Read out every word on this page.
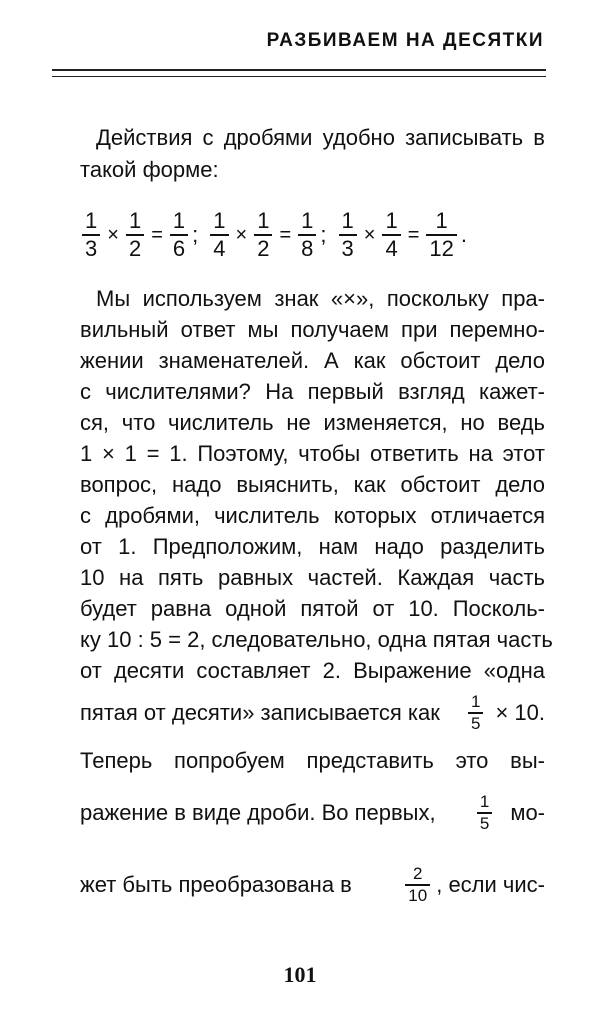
РАЗБИВАЕМ НА ДЕСЯТКИ
Действия с дробями удобно записывать в
такой форме:
$\frac{1}{3} \times \frac{1}{2} = \frac{1}{6}$ ; $\frac{1}{4} \times \frac{1}{2} = \frac{1}{8}$ ; $\frac{1}{3} \times \frac{1}{4} = \frac{1}{12}$ .
Мы используем знак «×», поскольку пра-
вильный ответ мы получаем при перемно-
жении знаменателей. А как обстоит дело
с числителями? На первый взгляд кажет-
ся, что числитель не изменяется, но ведь
1 × 1 = 1. Поэтому, чтобы ответить на этот
вопрос, надо выяснить, как обстоит дело
с дробями, числитель которых отличается
от 1. Предположим, нам надо разделить
10 на пять равных частей. Каждая часть
будет равна одной пятой от 10. Посколь-
ку 10 : 5 = 2, следовательно, одна пятая часть
от десяти составляет 2. Выражение «одна
пятая от десяти» записывается как $\frac{1}{5} \times 10$.
Теперь попробуем представить это вы-
ражение в виде дроби. Во первых, $\frac{1}{5} мо-$
жет быть преобразована в	$\frac{2}{10}$ , если чис-
101
